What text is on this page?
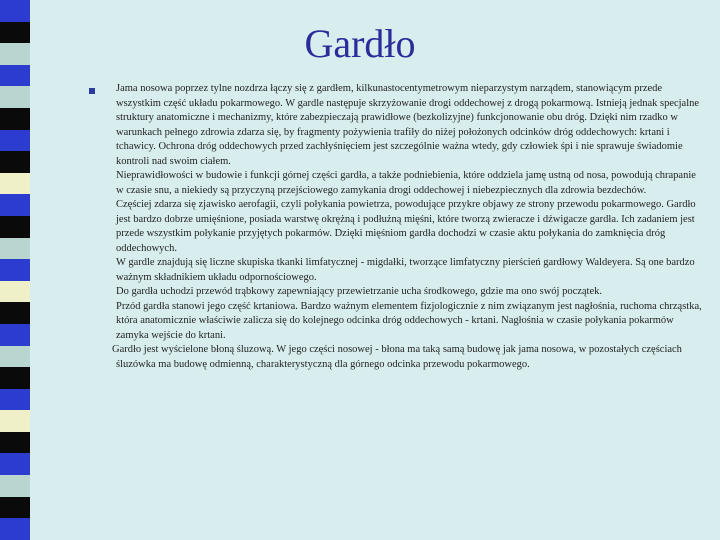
Gardło

Jama nosowa poprzez tylne nozdrza łączy się z gardłem, kilkunastocentymetrowym nieparzystym narządem, stanowiącym przede wszystkim część układu pokarmowego. W gardle następuje skrzyżowanie drogi oddechowej z drogą pokarmową. Istnieją jednak specjalne struktury anatomiczne i mechanizmy, które zabezpieczają prawidłowe (bezkolizyjne) funkcjonowanie obu dróg. Dzięki nim rzadko w warunkach pełnego zdrowia zdarza się, by fragmenty pożywienia trafiły do niżej położonych odcinków dróg oddechowych: krtani i tchawicy. Ochrona dróg oddechowych przed zachłyśnięciem jest szczególnie ważna wtedy, gdy człowiek śpi i nie sprawuje świadomie kontroli nad swoim ciałem.

Nieprawidłowości w budowie i funkcji górnej części gardła, a także podniebienia, które oddziela jamę ustną od nosa, powodują chrapanie w czasie snu, a niekiedy są przyczyną przejściowego zamykania drogi oddechowej i niebezpiecznych dla zdrowia bezdechów.

Częściej zdarza się zjawisko aerofagii, czyli połykania powietrza, powodujące przykre objawy ze strony przewodu pokarmowego. Gardło jest bardzo dobrze umięśnione, posiada warstwę okrężną i podłużną mięśni, które tworzą zwieracze i dźwigacze gardła. Ich zadaniem jest przede wszystkim połykanie przyjętych pokarmów. Dzięki mięśniom gardła dochodzi w czasie aktu połykania do zamknięcia dróg oddechowych.

W gardle znajdują się liczne skupiska tkanki limfatycznej - migdałki, tworzące limfatyczny pierścień gardłowy Waldeyera. Są one bardzo ważnym składnikiem układu odpornościowego.

Do gardła uchodzi przewód trąbkowy zapewniający przewietrzanie ucha środkowego, gdzie ma ono swój początek.

Przód gardła stanowi jego część krtaniowa. Bardzo ważnym elementem fizjologicznie z nim związanym jest nagłośnia, ruchoma chrząstka, która anatomicznie właściwie zalicza się do kolejnego odcinka dróg oddechowych - krtani. Nagłośnia w czasie połykania pokarmów zamyka wejście do krtani.

Gardło jest wyścielone błoną śluzową. W jego części nosowej - błona ma taką samą budowę jak jama nosowa, w pozostałych częściach śluzówka ma budowę odmienną, charakterystyczną dla górnego odcinka przewodu pokarmowego.
